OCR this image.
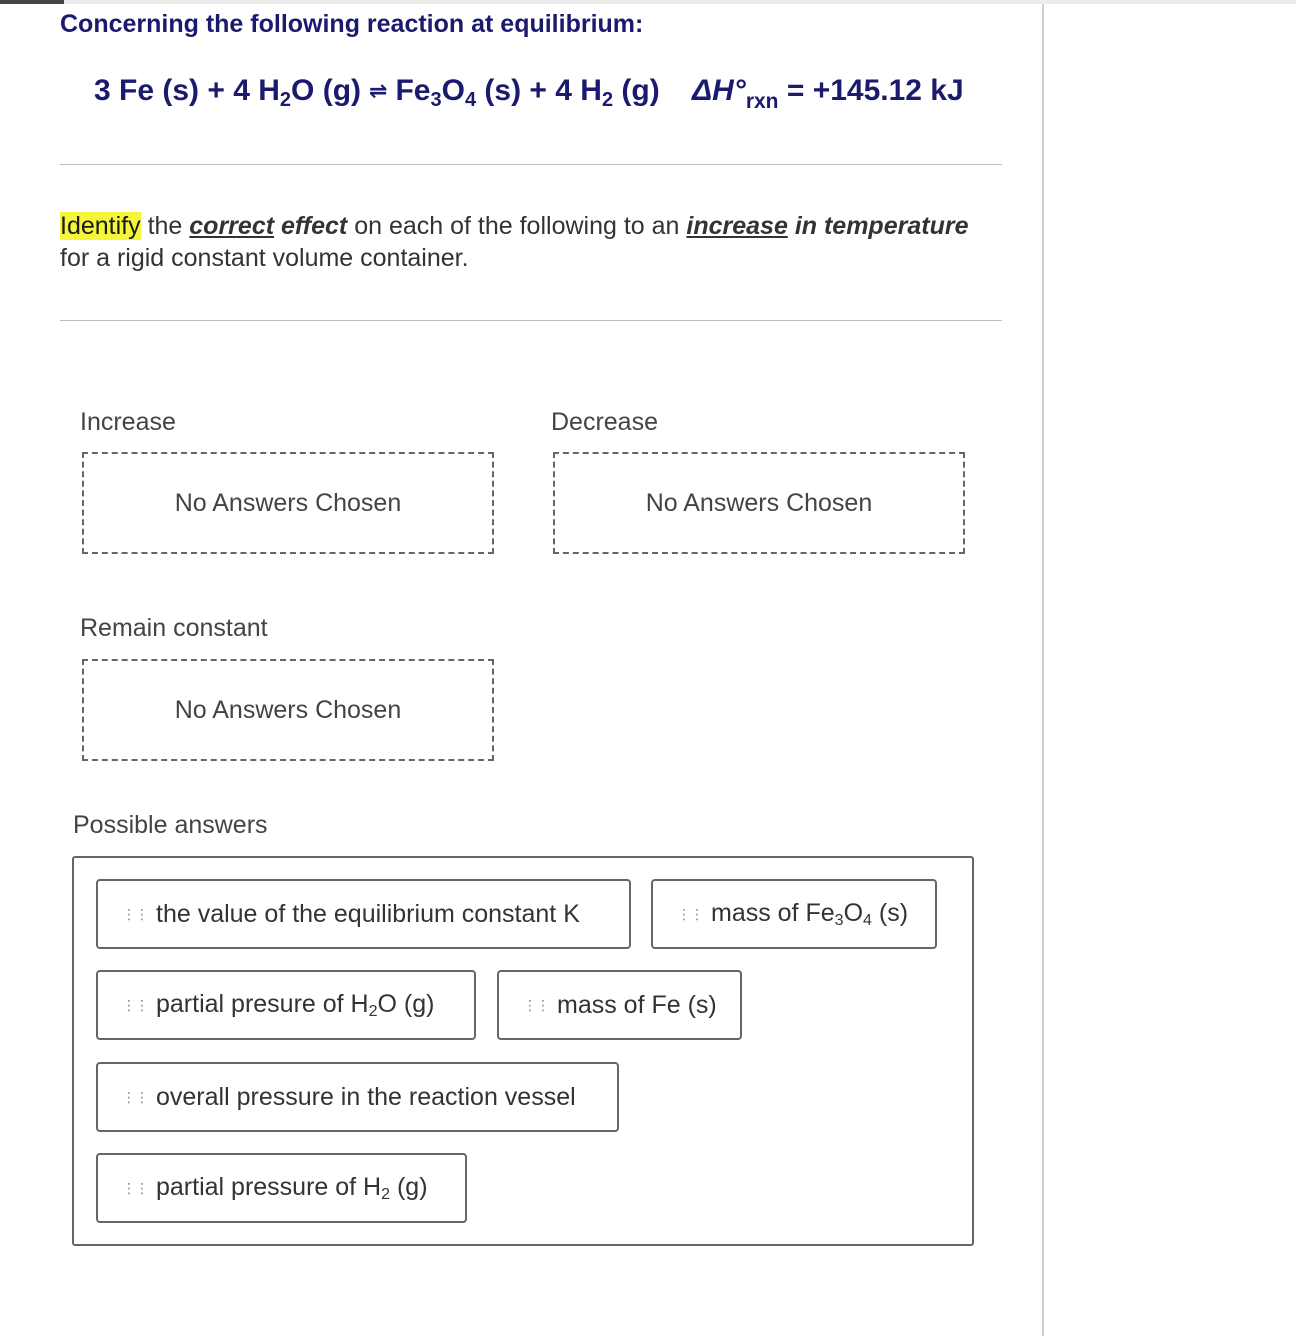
Concerning the following reaction at equilibrium:
3 Fe (s) + 4 $H_2O$ (g) ⇌ $Fe_3O_4$ (s) + 4 $H_2$ (g) $\Delta H^\circ_{rxn} = +145.12$ kJ
Identify the correct effect on each of the following to an increase in temperature for a rigid constant volume container.
Increase
No Answers Chosen
Decrease
No Answers Chosen
Remain constant
No Answers Chosen
Possible answers
⋮⋮ the value of the equilibrium constant K	⋮⋮ mass of $Fe_3O_4$ (s)
⋮⋮ partial presure of $H_2O$ (g)	⋮⋮ mass of Fe (s)
⋮⋮ overall pressure in the reaction vessel
⋮⋮ partial pressure of $H_2$ (g)
